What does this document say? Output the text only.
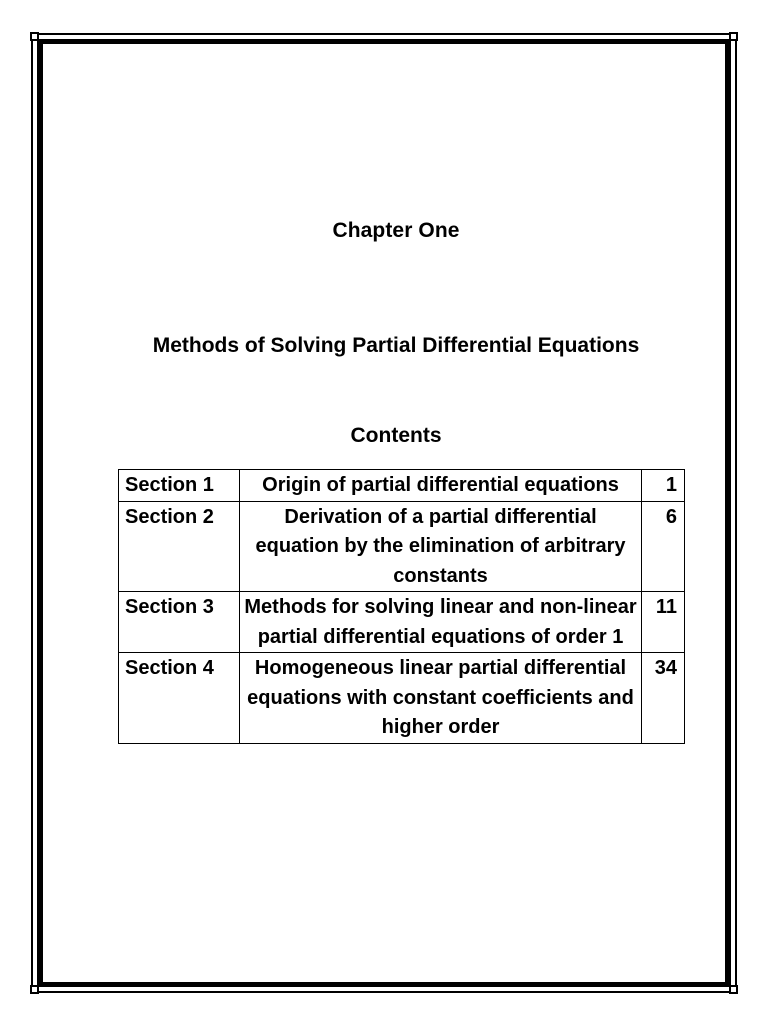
Chapter One
Methods of Solving Partial Differential Equations
Contents
Section 1	Origin of partial differential equations	1
Section 2	Derivation of a partial differential equation by the elimination of arbitrary constants	6
Section 3	Methods for solving linear and non-linear partial differential equations of order 1	11
Section 4	Homogeneous linear partial differential equations with constant coefficients and higher order	34
